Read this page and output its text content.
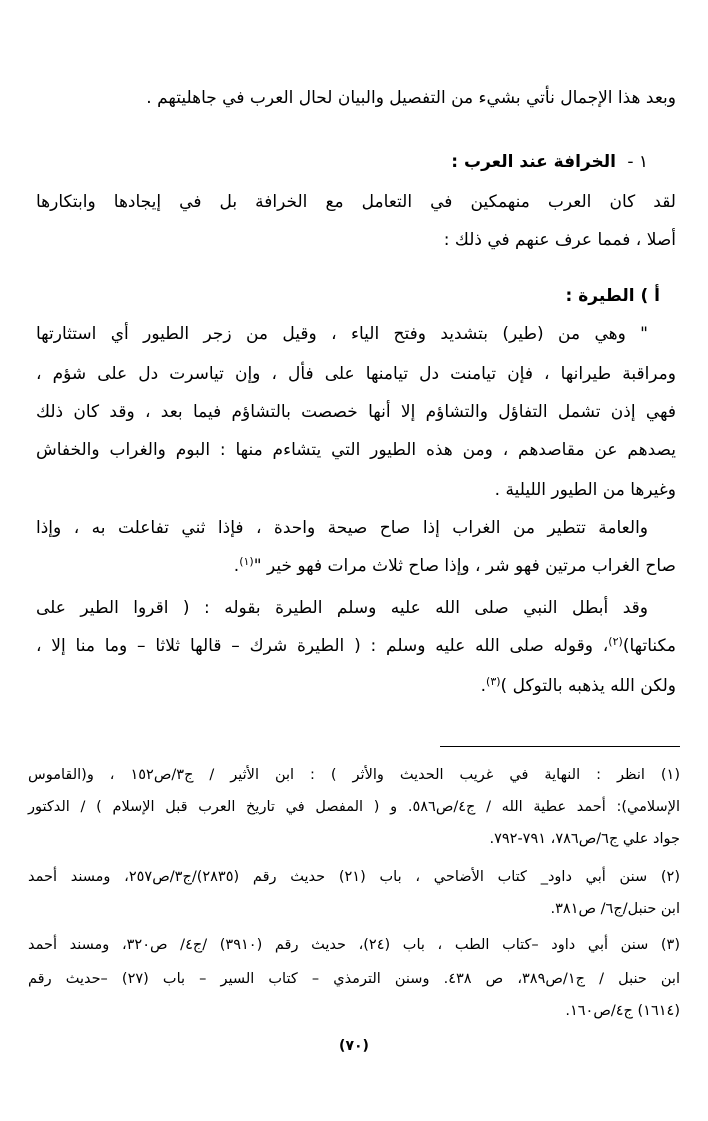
وبعد هذا الإجمال نأتي بشيء من التفصيل والبيان لحال العرب في جاهليتهم .
١ -
الخرافة عند العرب :
لقد كان العرب منهمكين في التعامل مع الخرافة بل في إيجادها وابتكارها
أصلا ، فمما عرف عنهم في ذلك :
أ ) الطيرة :
" وهي من (طير) بتشديد وفتح الياء ، وقيل من زجر الطيور أي استثارتها
ومراقبة طيرانها ، فإن تيامنت دل تيامنها على فأل ، وإن تياسرت دل على شؤم ،
فهي إذن تشمل التفاؤل والتشاؤم إلا أنها خصصت بالتشاؤم فيما بعد ، وقد كان ذلك
يصدهم عن مقاصدهم ، ومن هذه الطيور التي يتشاءم منها : البوم والغراب والخفاش
وغيرها من الطيور الليلية .
والعامة تتطير من الغراب إذا صاح صيحة واحدة ، فإذا ثني تفاعلت به ، وإذا
صاح الغراب مرتين فهو شر ، وإذا صاح ثلاث مرات فهو خير "$^{(١)}$.
وقد أبطل النبي صلى الله عليه وسلم الطيرة بقوله : ( اقروا الطير على
مكناتها)$^{(٢)}$، وقوله صلى الله عليه وسلم : ( الطيرة شرك – قالها ثلاثا – وما منا إلا ،
ولكن الله يذهبه بالتوكل )$^{(٣)}$.
(١) انظر : النهاية في غريب الحديث والأثر ) : ابن الأثير / ج٣/ص١٥٢ ، و(القاموس
الإسلامي): أحمد عطية الله / ج٤/ص٥٨٦. و ( المفصل في تاريخ العرب قبل الإسلام ) / الدكتور
جواد علي ج٦/ص٧٨٦، ٧٩١-٧٩٢.
(٢) سنن أبي داود_ كتاب الأضاحي ، باب (٢١) حديث رقم (٢٨٣٥)/ج٣/ص٢٥٧، ومسند أحمد
ابن حنبل/ج٦/ ص٣٨١.
(٣) سنن أبي داود –كتاب الطب ، باب (٢٤)، حديث رقم (٣٩١٠) /ج٤/ ص٣٢٠، ومسند أحمد
ابن حنبل / ج١/ص٣٨٩، ص ٤٣٨. وسنن الترمذي – كتاب السير – باب (٢٧) –حديث رقم
(١٦١٤) ج٤/ص١٦٠.
(٧٠)
